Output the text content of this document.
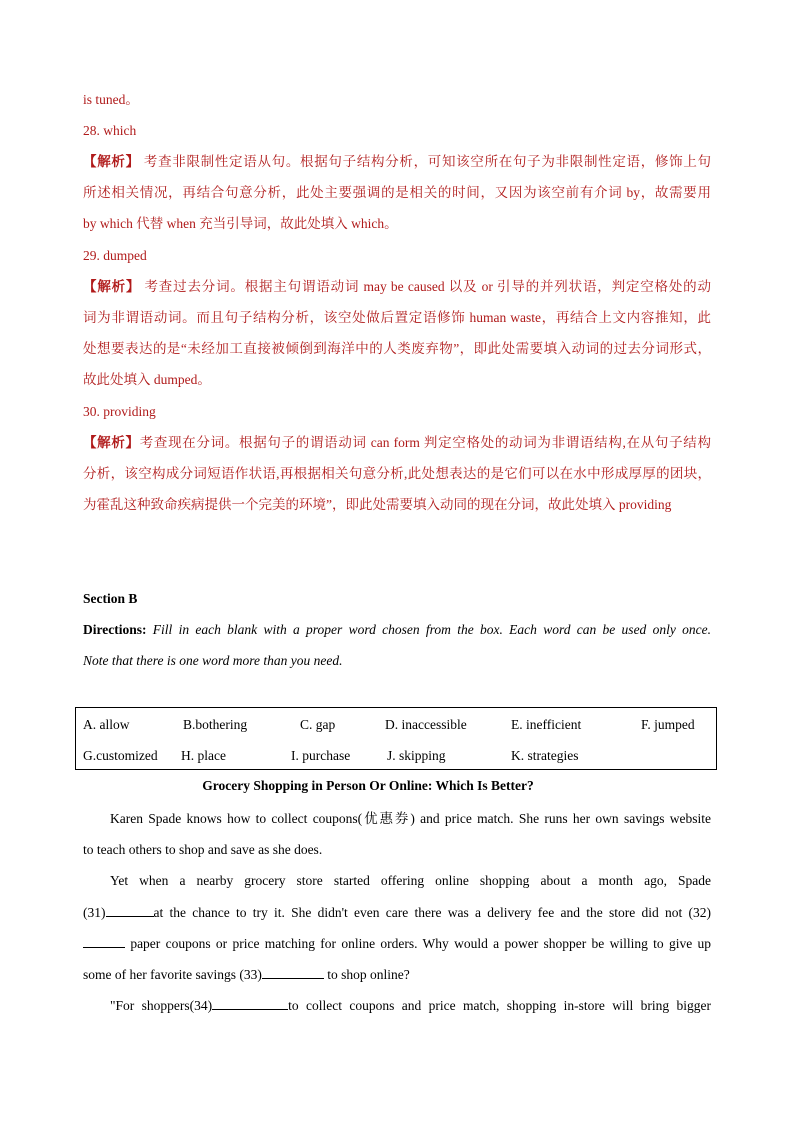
is tuned。
28. which
【解析】 考查非限制性定语从句。根据句子结构分析，可知该空所在句子为非限制性定语，修饰上句
所述相关情况，再结合句意分析，此处主要强调的是相关的时间，又因为该空前有介词 by，故需要用
by which 代替 when 充当引导词，故此处填入 which。
29. dumped
【解析】 考查过去分词。根据主句谓语动词 may be caused 以及 or 引导的并列状语，判定空格处的动
词为非谓语动词。而且句子结构分析，该空处做后置定语修饰 human waste，再结合上文内容推知，此
处想要表达的是“未经加工直接被倾倒到海洋中的人类废弃物”，即此处需要填入动词的过去分词形式，
故此处填入 dumped。
30. providing
【解析】考查现在分词。根据句子的谓语动词 can form 判定空格处的动词为非谓语结构,在从句子结构
分析，该空构成分词短语作状语,再根据相关句意分析,此处想表达的是它们可以在水中形成厚厚的团块，
为霍乱这种致命疾病提供一个完美的环境”，即此处需要填入动同的现在分词，故此处填入 providing
Section B
Directions: Fill in each blank with a proper word chosen from the box. Each word can be used only once.
Note that there is one word more than you need.
A. allow	B.bothering	C. gap	D. inaccessible	E. inefficient	F. jumped
G.customized H. place	I. purchase	J. skipping	K. strategies
Grocery Shopping in Person Or Online: Which Is Better?
Karen Spade knows how to collect coupons(优惠券) and price match. She runs her own savings website
to teach others to shop and save as she does.
Yet when a nearby grocery store started offering online shopping about a month ago, Spade
(31)	at the chance to try it. She didn't even care there was a delivery fee and the store did not (32)
paper coupons or price matching for online orders. Why would a power shopper be willing to give up
some of her favorite savings (33)	to shop online?
"For shoppers(34)	to collect coupons and price match, shopping in-store will bring bigger
